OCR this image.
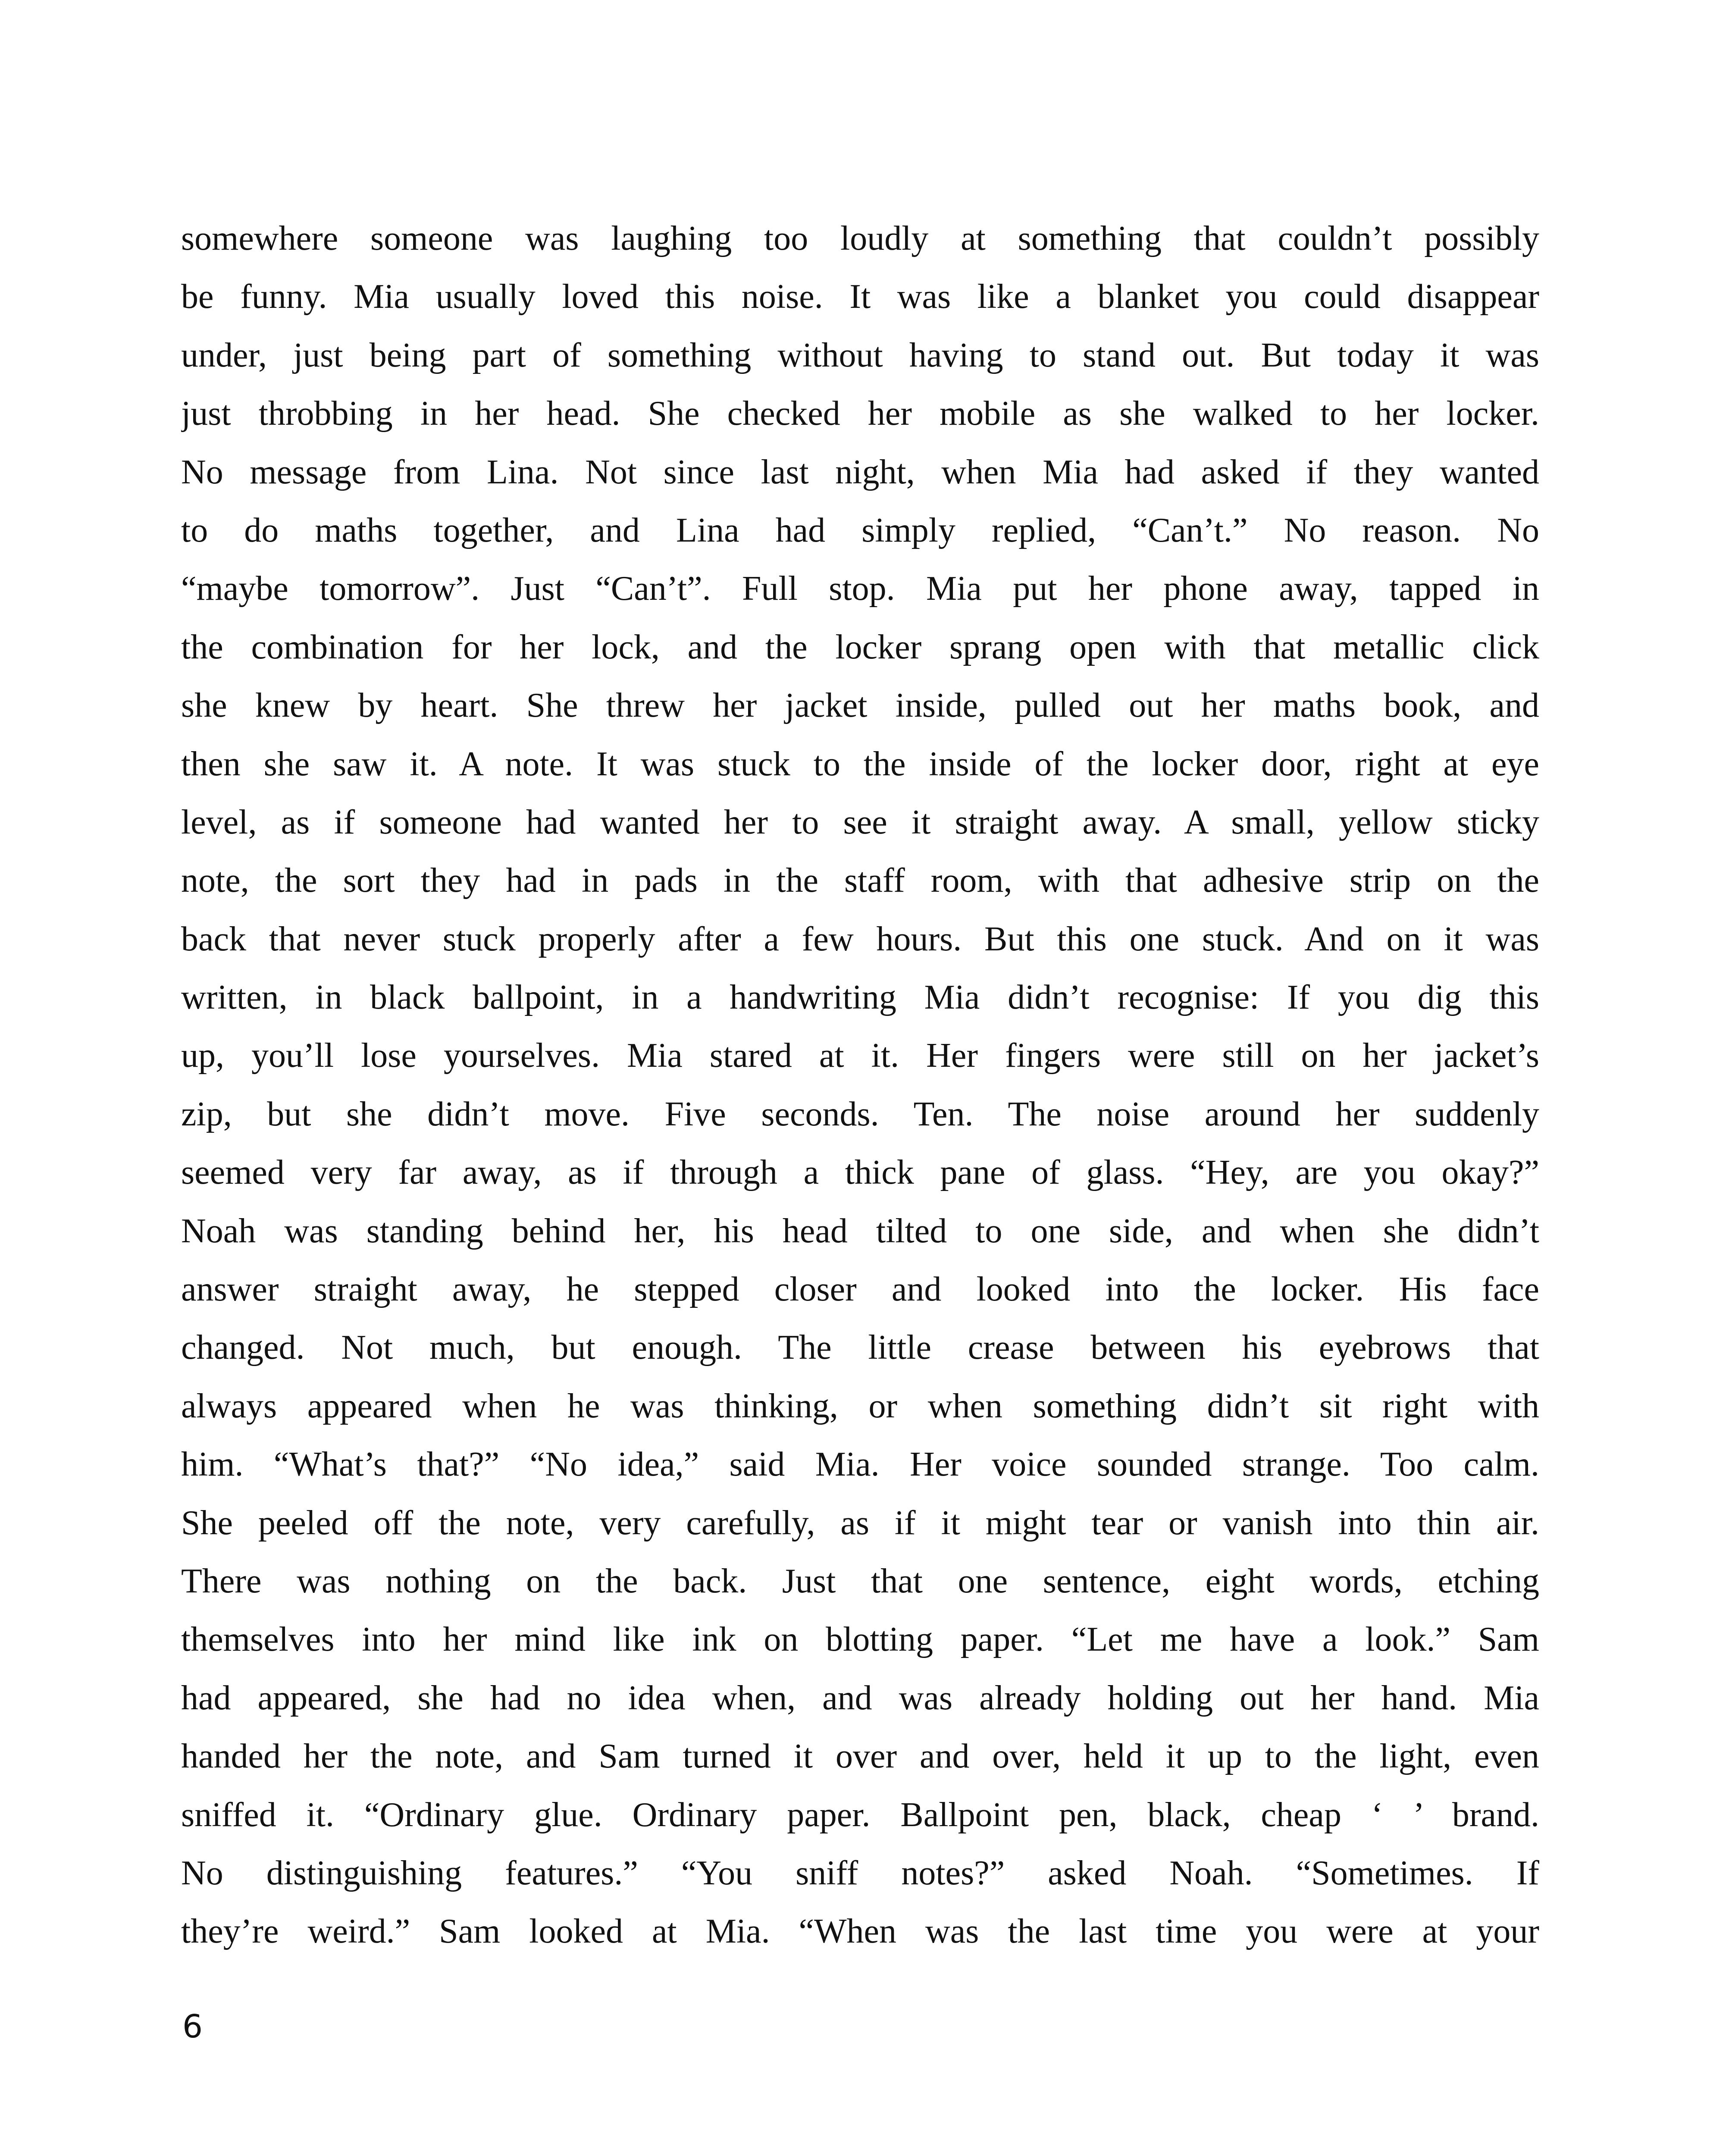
somewhere someone was laughing too loudly at something that couldn’t possibly
be funny. Mia usually loved this noise. It was like a blanket you could disappear
under, just being part of something without having to stand out. But today it was
just throbbing in her head. She checked her mobile as she walked to her locker.
No message from Lina. Not since last night, when Mia had asked if they wanted
to do maths together, and Lina had simply replied, “Can’t.” No reason. No
“maybe tomorrow”. Just “Can’t”. Full stop. Mia put her phone away, tapped in
the combination for her lock, and the locker sprang open with that metallic click
she knew by heart. She threw her jacket inside, pulled out her maths book, and
then she saw it. A note. It was stuck to the inside of the locker door, right at eye
level, as if someone had wanted her to see it straight away. A small, yellow sticky
note, the sort they had in pads in the staff room, with that adhesive strip on the
back that never stuck properly after a few hours. But this one stuck. And on it was
written, in black ballpoint, in a handwriting Mia didn’t recognise: If you dig this
up, you’ll lose yourselves. Mia stared at it. Her fingers were still on her jacket’s
zip, but she didn’t move. Five seconds. Ten. The noise around her suddenly
seemed very far away, as if through a thick pane of glass. “Hey, are you okay?”
Noah was standing behind her, his head tilted to one side, and when she didn’t
answer straight away, he stepped closer and looked into the locker. His face
changed. Not much, but enough. The little crease between his eyebrows that
always appeared when he was thinking, or when something didn’t sit right with
him. “What’s that?” “No idea,” said Mia. Her voice sounded strange. Too calm.
She peeled off the note, very carefully, as if it might tear or vanish into thin air.
There was nothing on the back. Just that one sentence, eight words, etching
themselves into her mind like ink on blotting paper. “Let me have a look.” Sam
had appeared, she had no idea when, and was already holding out her hand. Mia
handed her the note, and Sam turned it over and over, held it up to the light, even
sniffed it. “Ordinary glue. Ordinary paper. Ballpoint pen, black, cheap ‘ ’ brand.
No distinguishing features.” “You sniff notes?” asked Noah. “Sometimes. If
they’re weird.” Sam looked at Mia. “When was the last time you were at your
6
